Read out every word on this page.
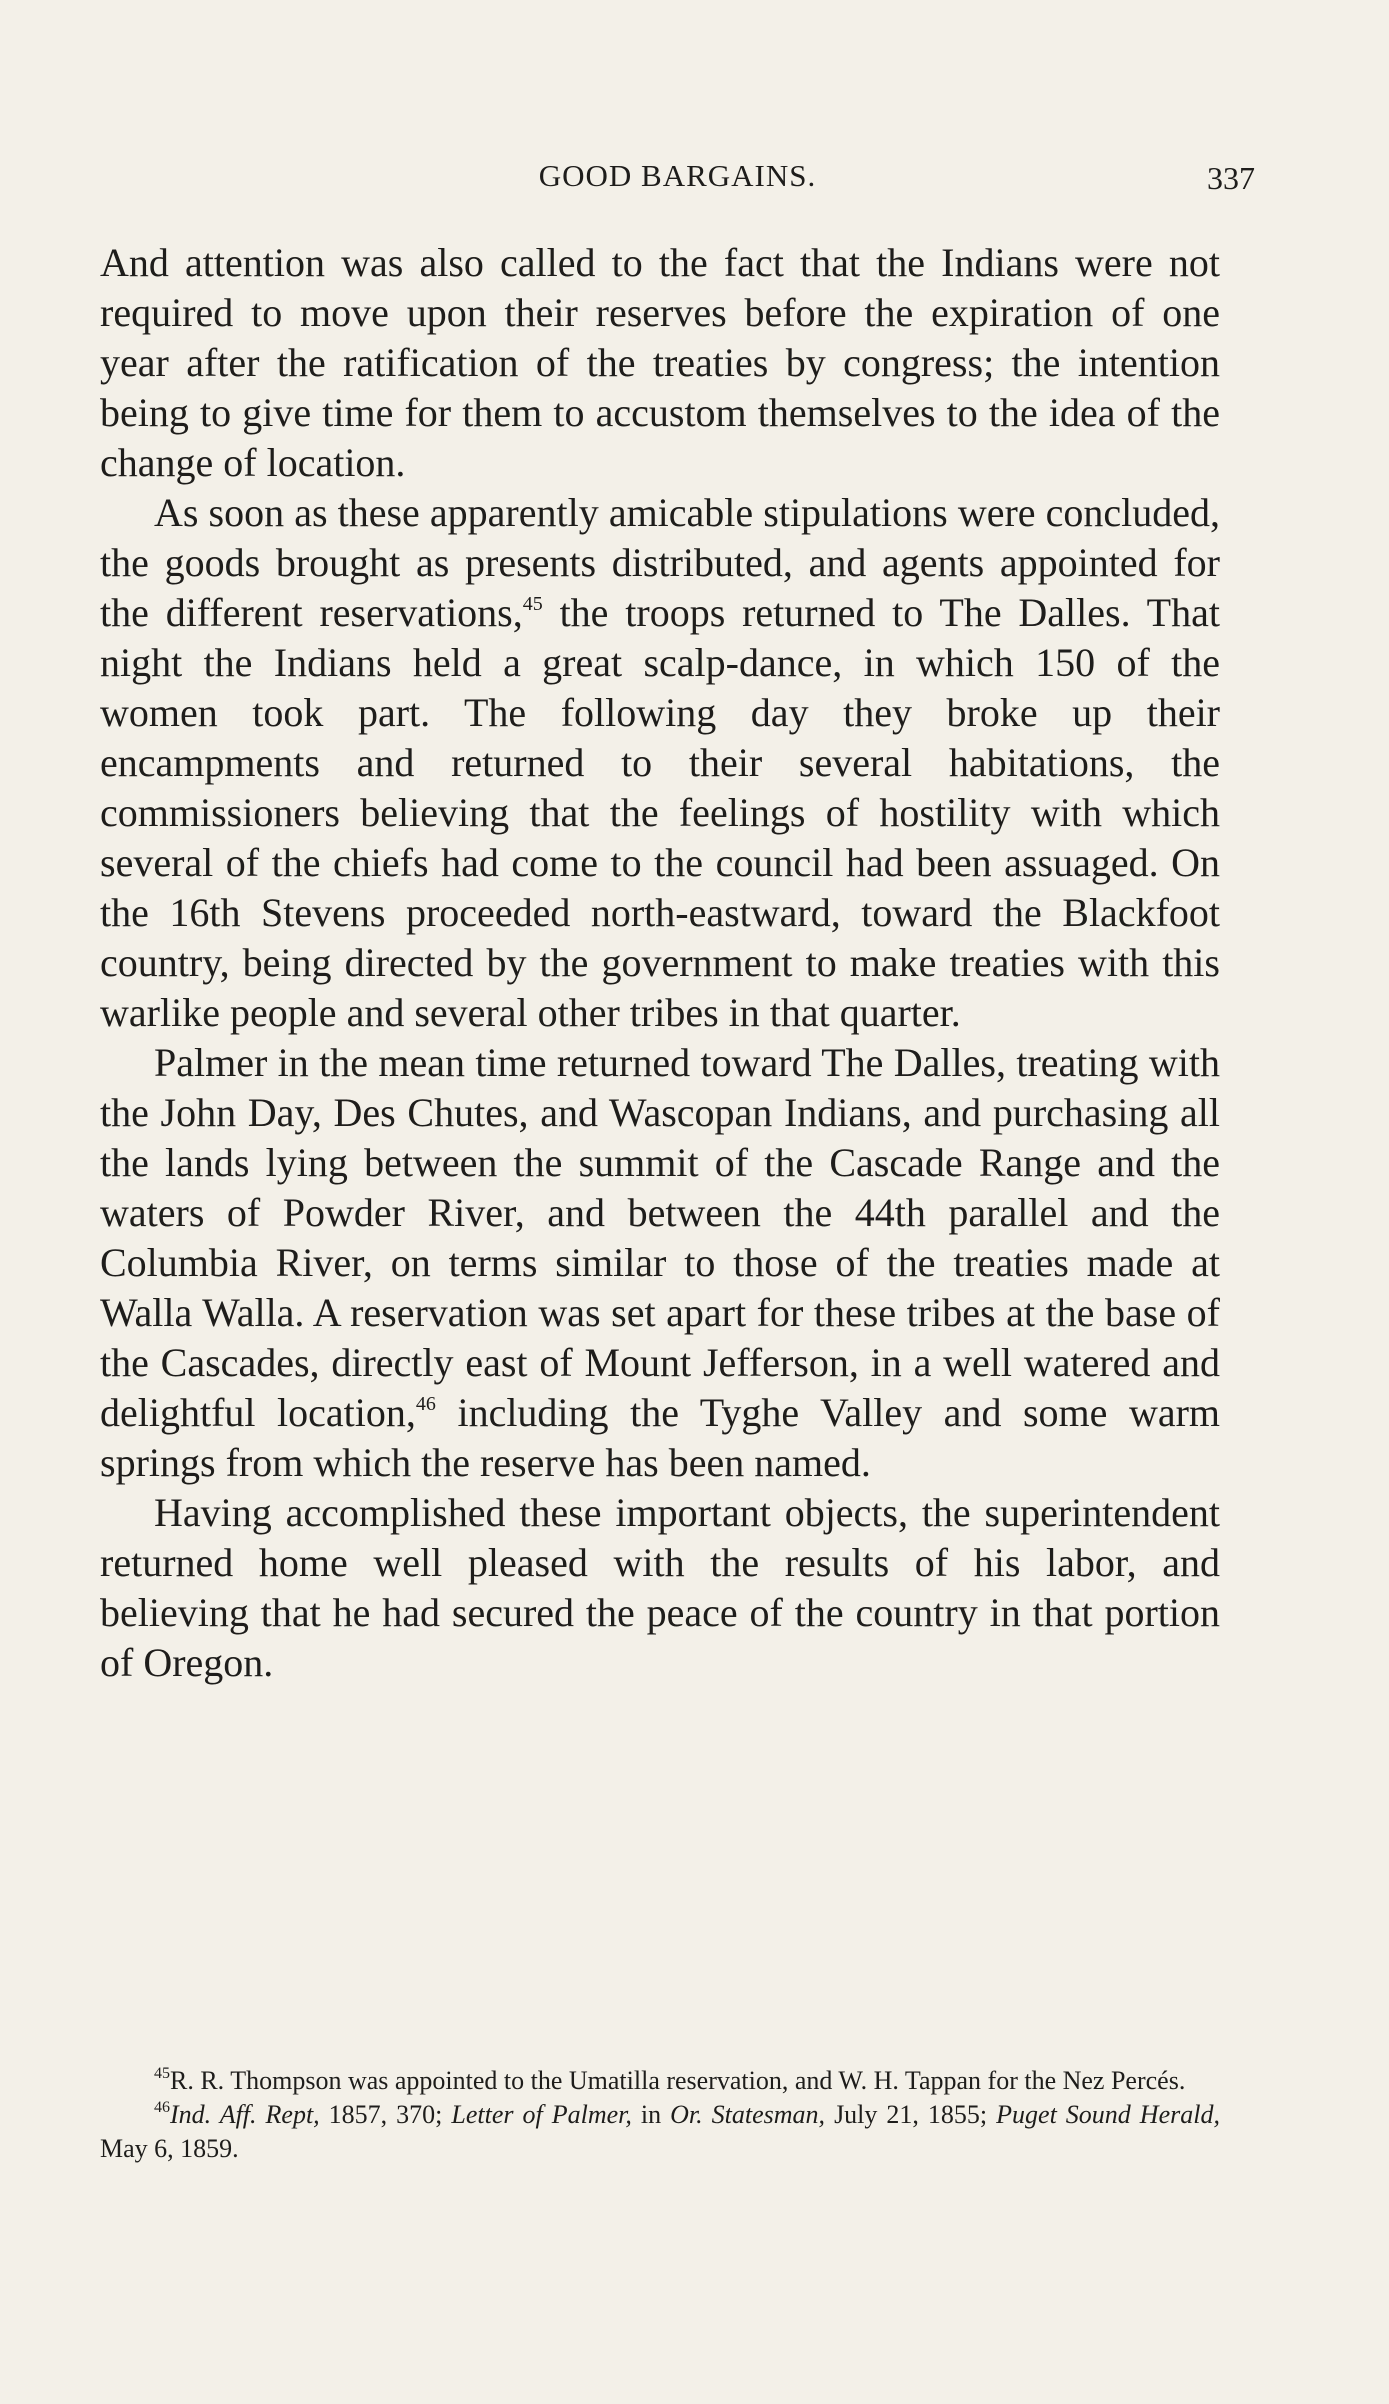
GOOD BARGAINS.	337

And attention was also called to the fact that the Indians were not required to move upon their reserves before the expiration of one year after the ratification of the treaties by congress; the intention being to give time for them to accustom themselves to the idea of the change of location.

As soon as these apparently amicable stipulations were concluded, the goods brought as presents distributed, and agents appointed for the different reservations,$^{45}$ the troops returned to The Dalles. That night the Indians held a great scalp-dance, in which 150 of the women took part. The following day they broke up their encampments and returned to their several habitations, the commissioners believing that the feelings of hostility with which several of the chiefs had come to the council had been assuaged. On the 16th Stevens proceeded north-eastward, toward the Blackfoot country, being directed by the government to make treaties with this warlike people and several other tribes in that quarter.

Palmer in the mean time returned toward The Dalles, treating with the John Day, Des Chutes, and Wascopan Indians, and purchasing all the lands lying between the summit of the Cascade Range and the waters of Powder River, and between the 44th parallel and the Columbia River, on terms similar to those of the treaties made at Walla Walla. A reservation was set apart for these tribes at the base of the Cascades, directly east of Mount Jefferson, in a well watered and delightful location,$^{46}$ including the Tyghe Valley and some warm springs from which the reserve has been named.

Having accomplished these important objects, the superintendent returned home well pleased with the results of his labor, and believing that he had secured the peace of the country in that portion of Oregon.

$^{45}$R. R. Thompson was appointed to the Umatilla reservation, and W. H. Tappan for the Nez Percés.

$^{46}$Ind. Aff. Rept, 1857, 370; Letter of Palmer, in Or. Statesman, July 21, 1855; Puget Sound Herald, May 6, 1859.
